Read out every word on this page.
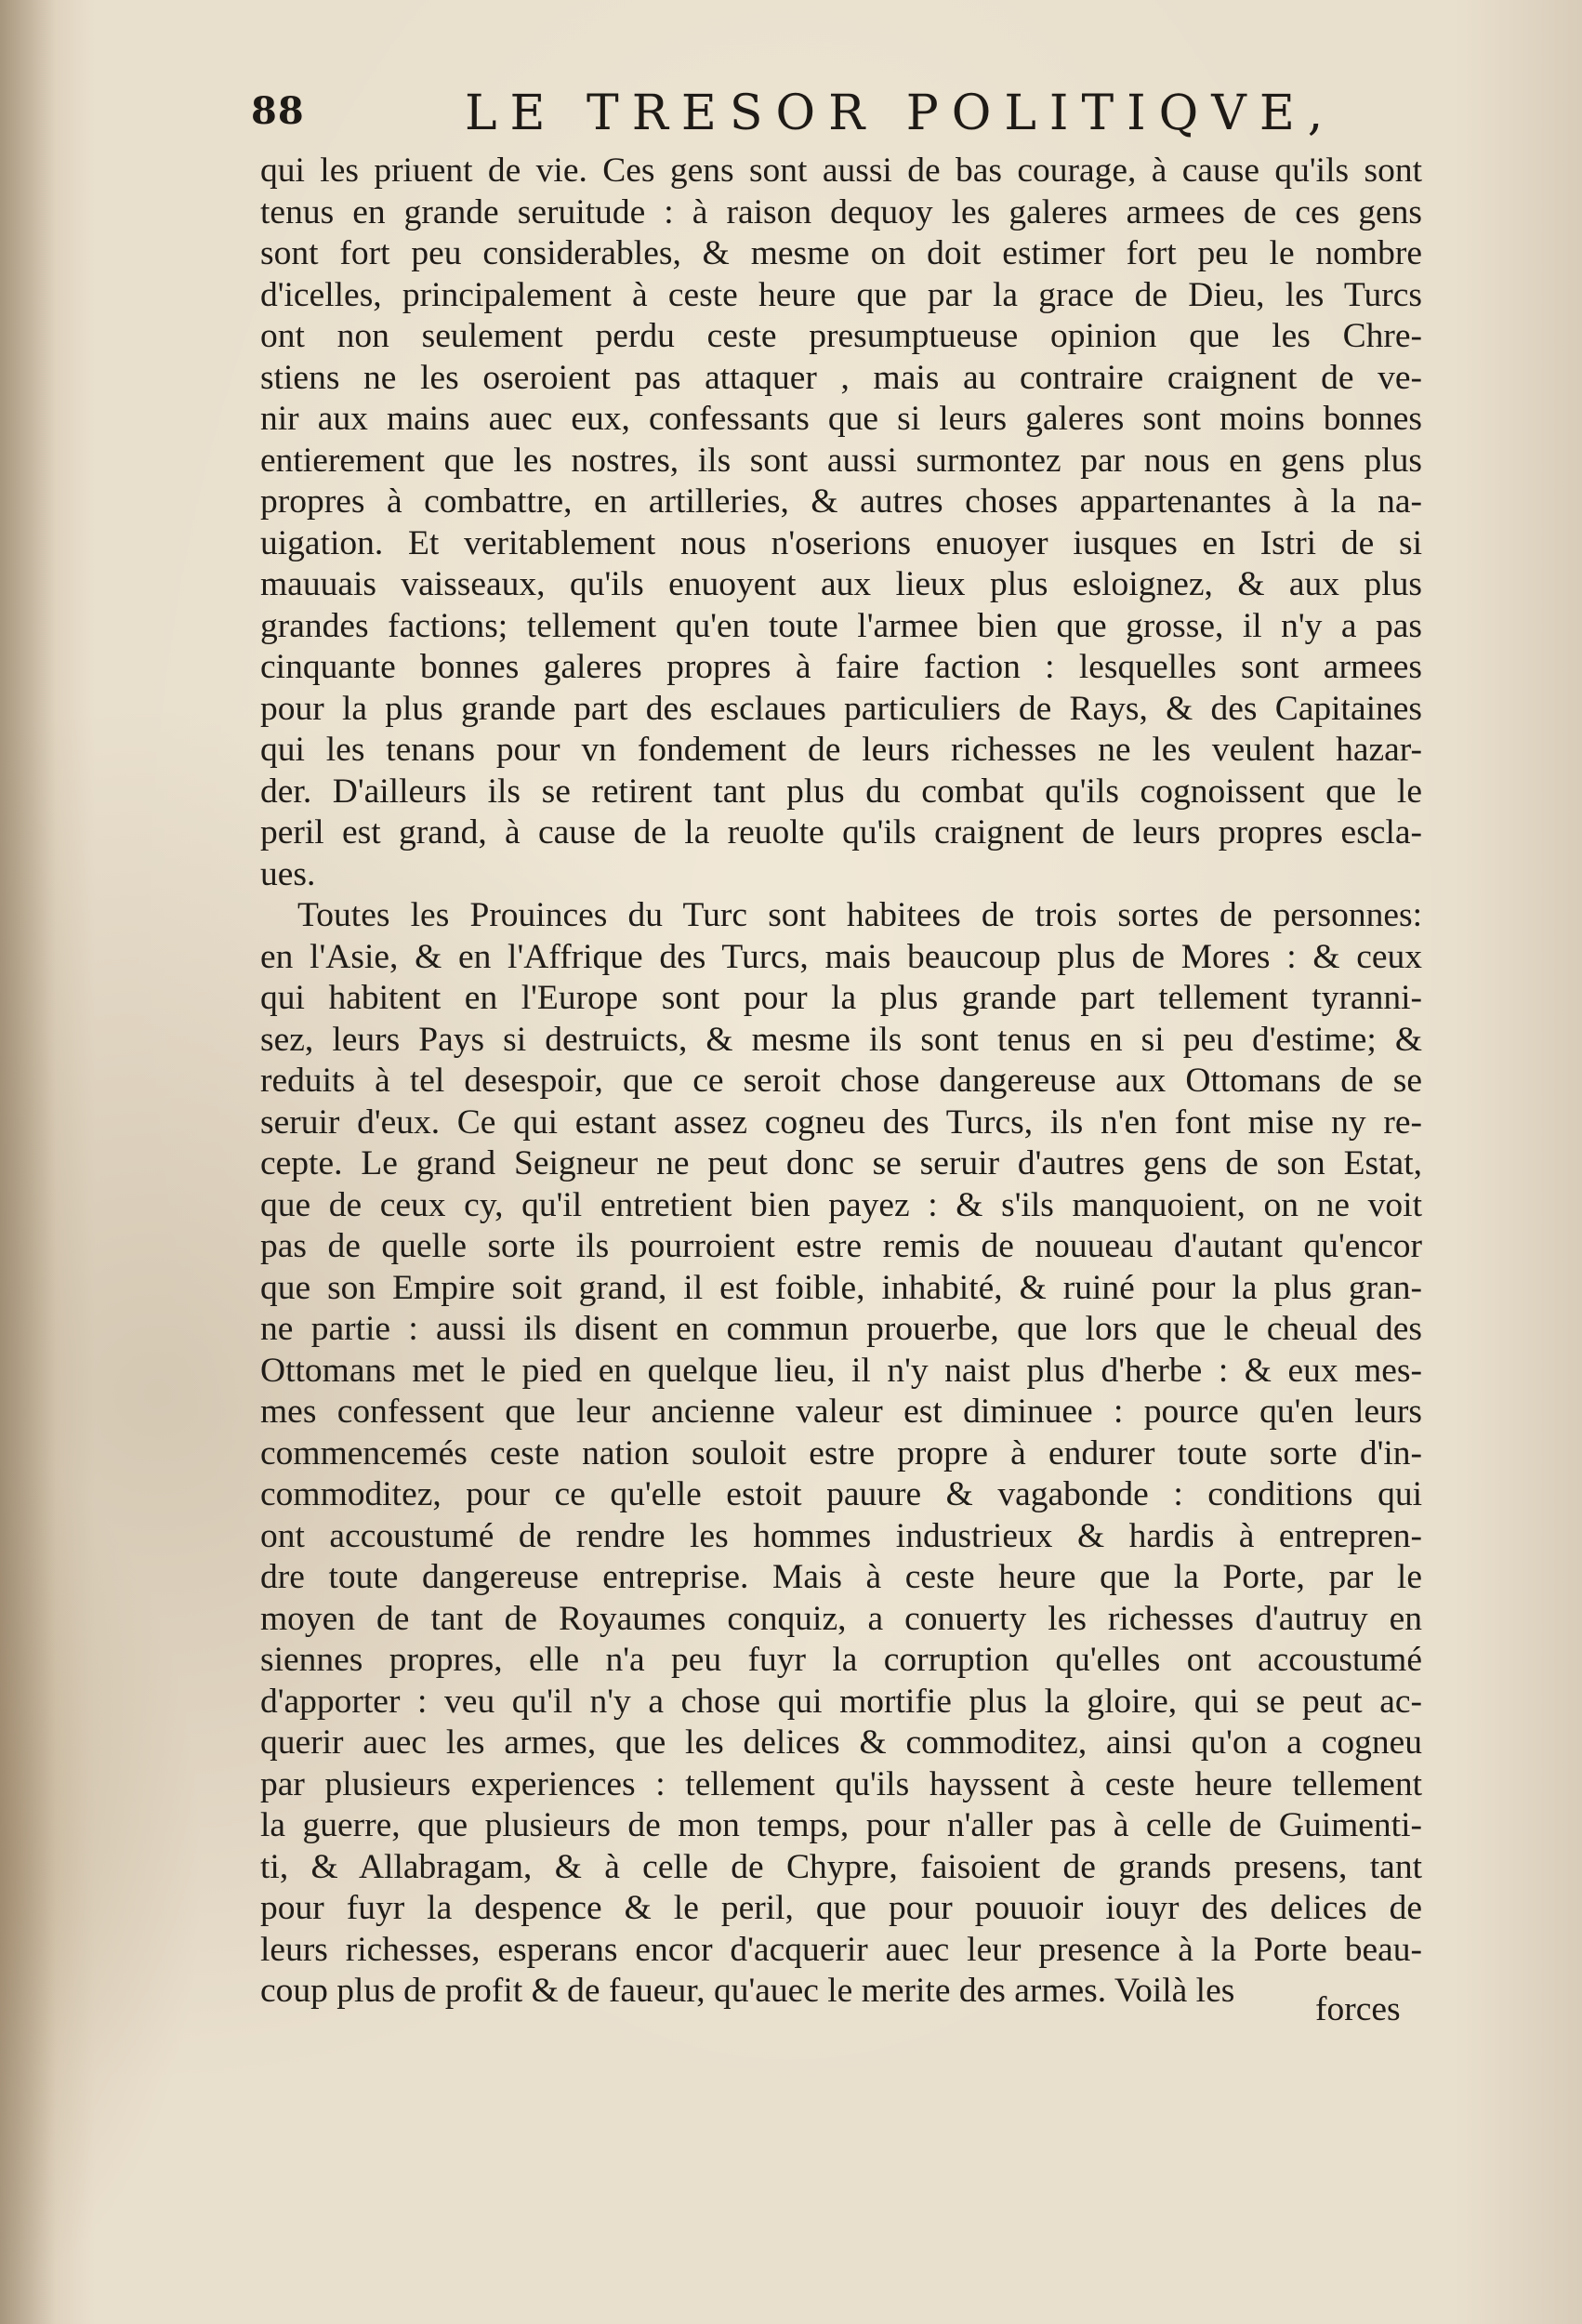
88	LE TRESOR POLITIQVE,
qui les priuent de vie. Ces gens sont aussi de bas courage, à cause qu'ils sont
tenus en grande seruitude : à raison dequoy les galeres armees de ces gens
sont fort peu considerables, & mesme on doit estimer fort peu le nombre
d'icelles, principalement à ceste heure que par la grace de Dieu, les Turcs
ont non seulement perdu ceste presumptueuse opinion que les Chre-
stiens ne les oseroient pas attaquer , mais au contraire craignent de ve-
nir aux mains auec eux, confessants que si leurs galeres sont moins bonnes
entierement que les nostres, ils sont aussi surmontez par nous en gens plus
propres à combattre, en artilleries, & autres choses appartenantes à la na-
uigation. Et veritablement nous n'oserions enuoyer iusques en Istri de si
mauuais vaisseaux, qu'ils enuoyent aux lieux plus esloignez, & aux plus
grandes factions; tellement qu'en toute l'armee bien que grosse, il n'y a pas
cinquante bonnes galeres propres à faire faction : lesquelles sont armees
pour la plus grande part des esclaues particuliers de Rays, & des Capitaines
qui les tenans pour vn fondement de leurs richesses ne les veulent hazar-
der. D'ailleurs ils se retirent tant plus du combat qu'ils cognoissent que le
peril est grand, à cause de la reuolte qu'ils craignent de leurs propres escla-
ues.
Toutes les Prouinces du Turc sont habitees de trois sortes de personnes:
en l'Asie, & en l'Affrique des Turcs, mais beaucoup plus de Mores : & ceux
qui habitent en l'Europe sont pour la plus grande part tellement tyranni-
sez, leurs Pays si destruicts, & mesme ils sont tenus en si peu d'estime; &
reduits à tel desespoir, que ce seroit chose dangereuse aux Ottomans de se
seruir d'eux. Ce qui estant assez cogneu des Turcs, ils n'en font mise ny re-
cepte. Le grand Seigneur ne peut donc se seruir d'autres gens de son Estat,
que de ceux cy, qu'il entretient bien payez : & s'ils manquoient, on ne voit
pas de quelle sorte ils pourroient estre remis de nouueau d'autant qu'encor
que son Empire soit grand, il est foible, inhabité, & ruiné pour la plus gran-
ne partie : aussi ils disent en commun prouerbe, que lors que le cheual des
Ottomans met le pied en quelque lieu, il n'y naist plus d'herbe : & eux mes-
mes confessent que leur ancienne valeur est diminuee : pource qu'en leurs
commencemés ceste nation souloit estre propre à endurer toute sorte d'in-
commoditez, pour ce qu'elle estoit pauure & vagabonde : conditions qui
ont accoustumé de rendre les hommes industrieux & hardis à entrepren-
dre toute dangereuse entreprise. Mais à ceste heure que la Porte, par le
moyen de tant de Royaumes conquiz, a conuerty les richesses d'autruy en
siennes propres, elle n'a peu fuyr la corruption qu'elles ont accoustumé
d'apporter : veu qu'il n'y a chose qui mortifie plus la gloire, qui se peut ac-
querir auec les armes, que les delices & commoditez, ainsi qu'on a cogneu
par plusieurs experiences : tellement qu'ils hayssent à ceste heure tellement
la guerre, que plusieurs de mon temps, pour n'aller pas à celle de Guimenti-
ti, & Allabragam, & à celle de Chypre, faisoient de grands presens, tant
pour fuyr la despence & le peril, que pour pouuoir iouyr des delices de
leurs richesses, esperans encor d'acquerir auec leur presence à la Porte beau-
coup plus de profit & de faueur, qu'auec le merite des armes. Voilà les	forces
